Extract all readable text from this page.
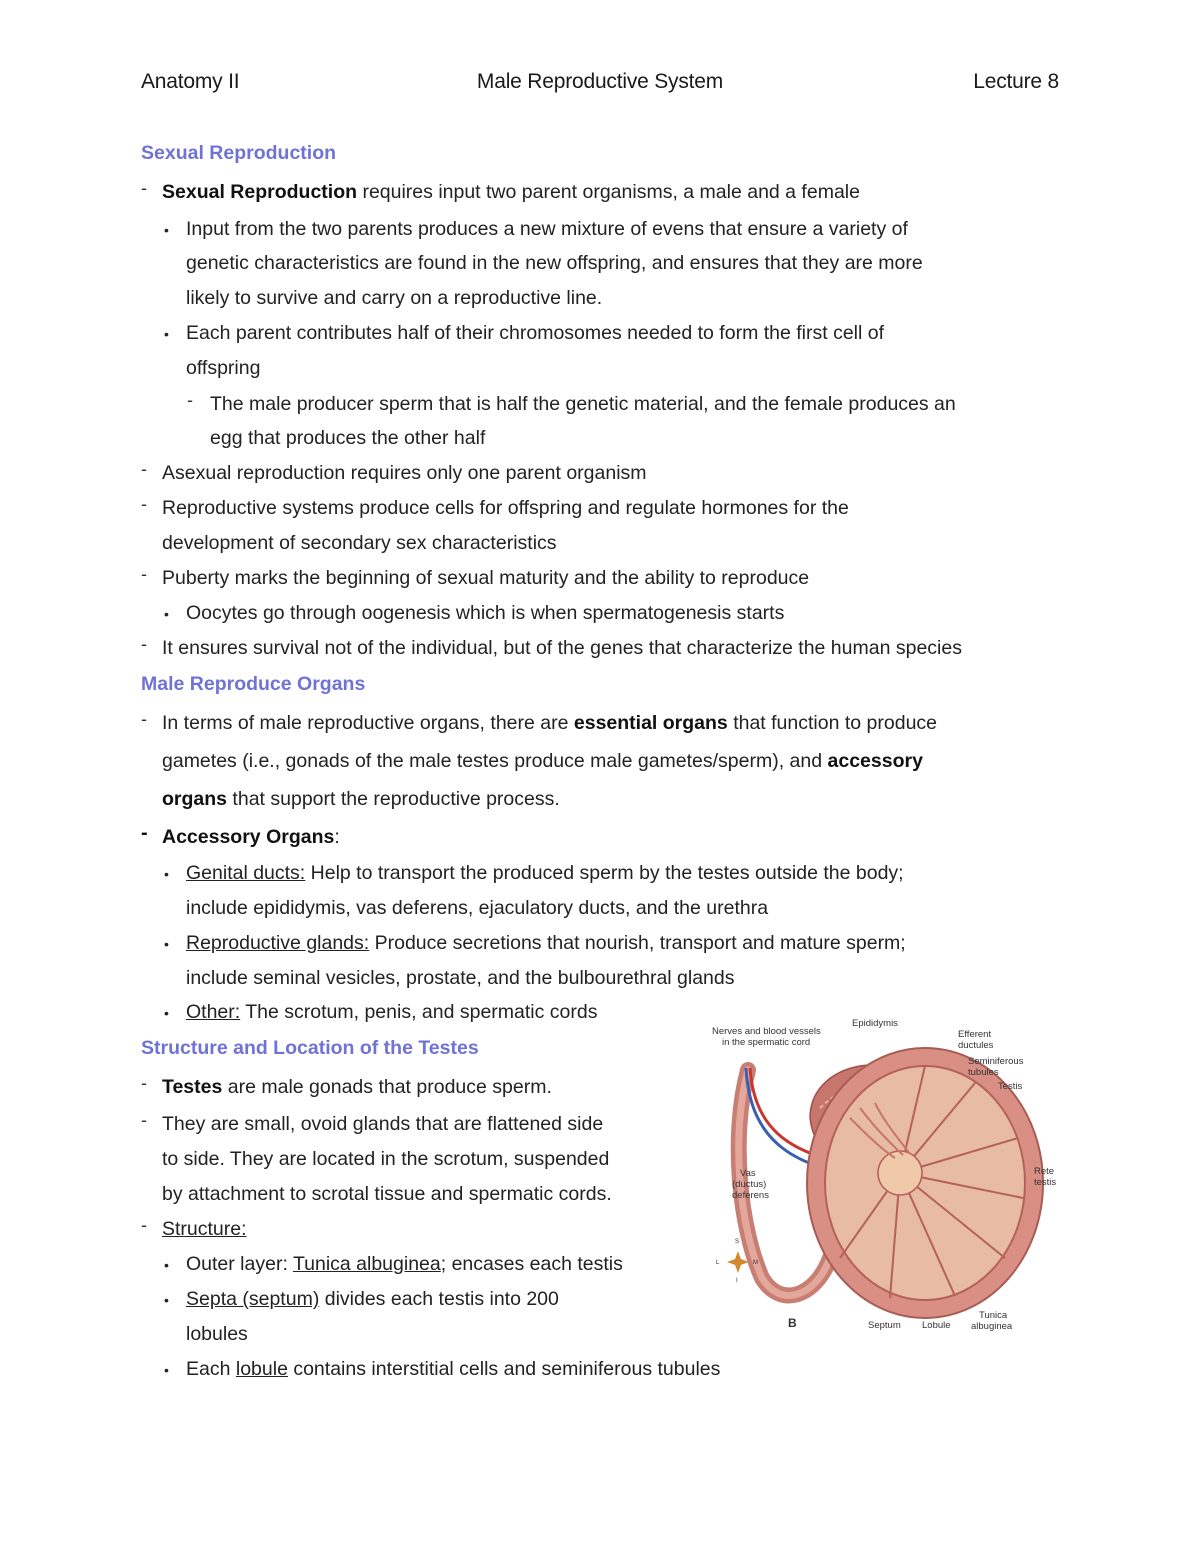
Anatomy II	Male Reproductive System	Lecture 8
Sexual Reproduction
- Sexual Reproduction requires input two parent organisms, a male and a female
• Input from the two parents produces a new mixture of evens that ensure a variety of
genetic characteristics are found in the new offspring, and ensures that they are more
likely to survive and carry on a reproductive line.
• Each parent contributes half of their chromosomes needed to form the first cell of
offspring
- The male producer sperm that is half the genetic material, and the female produces an
egg that produces the other half
- Asexual reproduction requires only one parent organism
- Reproductive systems produce cells for offspring and regulate hormones for the
development of secondary sex characteristics
- Puberty marks the beginning of sexual maturity and the ability to reproduce
• Oocytes go through oogenesis which is when spermatogenesis starts
- It ensures survival not of the individual, but of the genes that characterize the human species
Male Reproduce Organs
- In terms of male reproductive organs, there are essential organs that function to produce
gametes (i.e., gonads of the male testes produce male gametes/sperm), and accessory
organs that support the reproductive process.
- Accessory Organs:
• Genital ducts: Help to transport the produced sperm by the testes outside the body;
include epididymis, vas deferens, ejaculatory ducts, and the urethra
• Reproductive glands: Produce secretions that nourish, transport and mature sperm;
include seminal vesicles, prostate, and the bulbourethral glands
• Other: The scrotum, penis, and spermatic cords
Structure and Location of the Testes
- Testes are male gonads that produce sperm.
- They are small, ovoid glands that are flattened side
to side. They are located in the scrotum, suspended
by attachment to scrotal tissue and spermatic cords.
- Structure:
• Outer layer: Tunica albuginea; encases each testis
• Septa (septum) divides each testis into 200
lobules
• Each lobule contains interstitial cells and seminiferous tubules
Nerves and blood vessels
in the spermatic cord
Epididymis
Efferent
ductules
Seminiferous
tubules
Testis
Vas
(ductus)
deferens
Rete
testis
Septum Lobule
Tunica
albuginea
B
S
L	M
I
